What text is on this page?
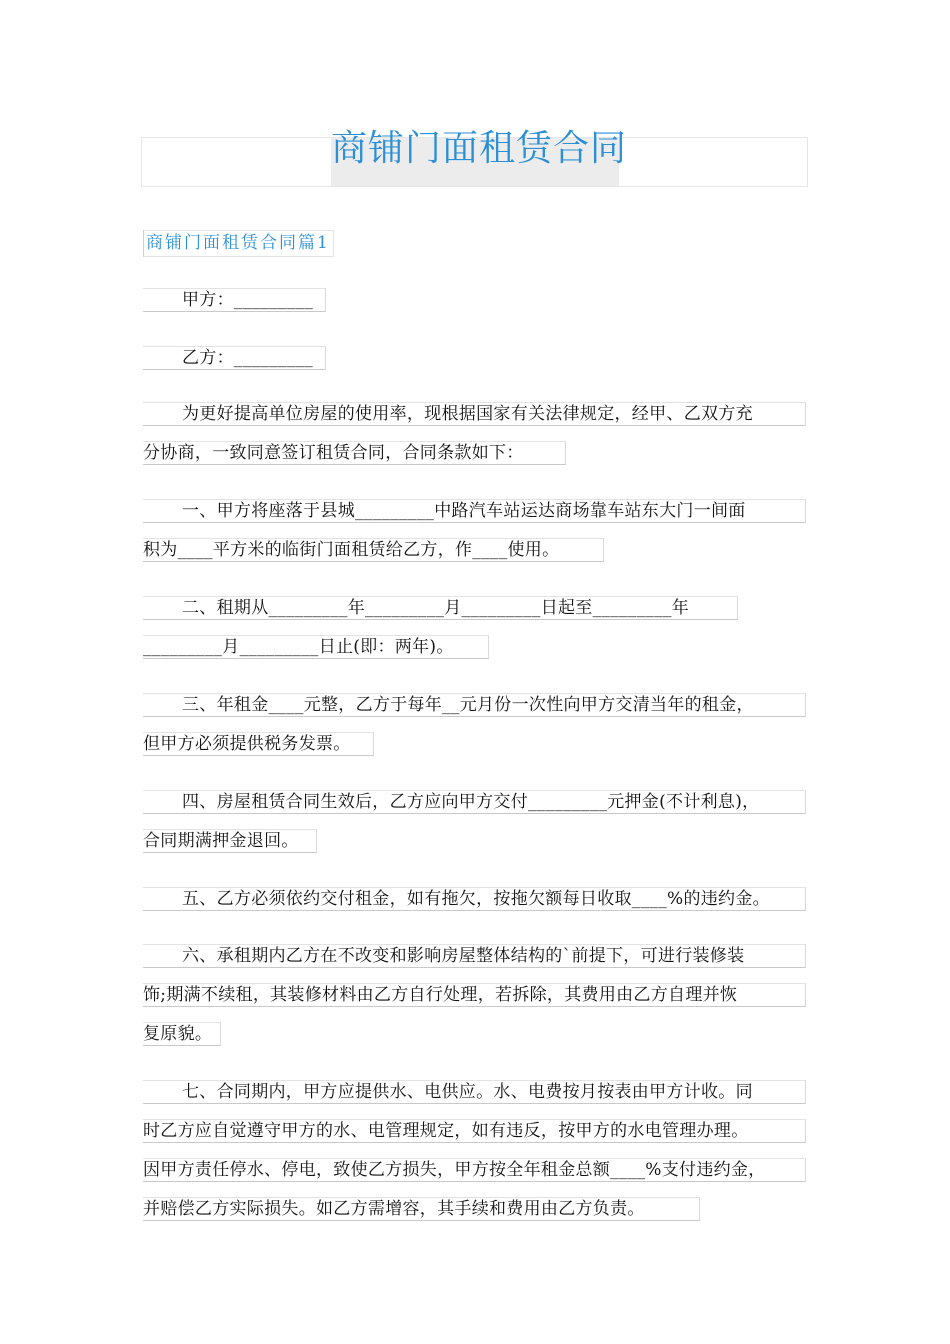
商铺门面租赁合同
商铺门面租赁合同篇1
甲方：_________
乙方：_________
为更好提高单位房屋的使用率，现根据国家有关法律规定，经甲、乙双方充
分协商，一致同意签订租赁合同，合同条款如下：
一、甲方将座落于县城_________中路汽车站运达商场靠车站东大门一间面
积为____平方米的临街门面租赁给乙方，作____使用。
二、租期从_________年_________月_________日起至_________年
_________月_________日止(即：两年)。
三、年租金____元整，乙方于每年__元月份一次性向甲方交清当年的租金，
但甲方必须提供税务发票。
四、房屋租赁合同生效后，乙方应向甲方交付_________元押金(不计利息)，
合同期满押金退回。
五、乙方必须依约交付租金，如有拖欠，按拖欠额每日收取____%的违约金。
六、承租期内乙方在不改变和影响房屋整体结构的`前提下，可进行装修装
饰;期满不续租，其装修材料由乙方自行处理，若拆除，其费用由乙方自理并恢
复原貌。
七、合同期内，甲方应提供水、电供应。水、电费按月按表由甲方计收。同
时乙方应自觉遵守甲方的水、电管理规定，如有违反，按甲方的水电管理办理。
因甲方责任停水、停电，致使乙方损失，甲方按全年租金总额____%支付违约金，
并赔偿乙方实际损失。如乙方需增容，其手续和费用由乙方负责。
